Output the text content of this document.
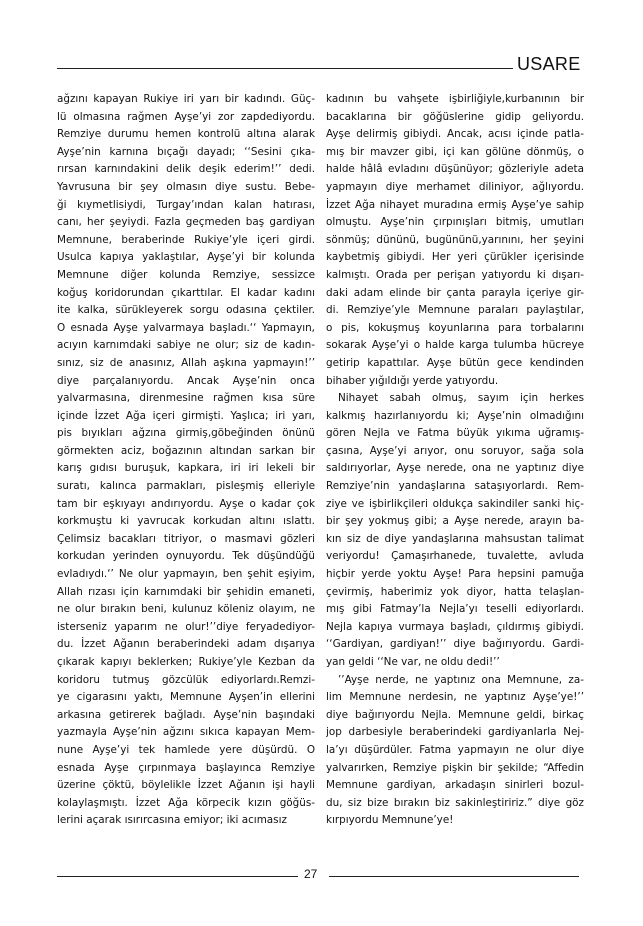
USARE
ağzını kapayan Rukiye iri yarı bir kadındı. Güç-
lü olmasına rağmen Ayşe’yi zor zapdediyordu.
Remziye durumu hemen kontrolü altına alarak
Ayşe’nin karnına bıçağı dayadı; ‘‘Sesini çıka-
rırsan karnındakini delik deşik ederim!’’ dedi.
Yavrusuna bir şey olmasın diye sustu. Bebe-
ği kıymetlisiydi, Turgay’ından kalan hatırası,
canı, her şeyiydi. Fazla geçmeden baş gardiyan
Memnune, beraberinde Rukiye’yle içeri girdi.
Usulca kapıya yaklaştılar, Ayşe’yi bir kolunda
Memnune diğer kolunda Remziye, sessizce
koğuş koridorundan çıkarttılar. El kadar kadını
ite kalka, sürükleyerek sorgu odasına çektiler.
O esnada Ayşe yalvarmaya başladı.‘‘ Yapmayın,
acıyın karnımdaki sabiye ne olur; siz de kadın-
sınız, siz de anasınız, Allah aşkına yapmayın!’’
diye parçalanıyordu. Ancak Ayşe’nin onca
yalvarmasına, direnmesine rağmen kısa süre
içinde İzzet Ağa içeri girmişti. Yaşlıca; iri yarı,
pis bıyıkları ağzına girmiş,göbeğinden önünü
görmekten aciz, boğazının altından sarkan bir
karış gıdısı buruşuk, kapkara, iri iri lekeli bir
suratı, kalınca parmakları, pisleşmiş elleriyle
tam bir eşkıyayı andırıyordu. Ayşe o kadar çok
korkmuştu ki yavrucak korkudan altını ıslattı.
Çelimsiz bacakları titriyor, o masmavi gözleri
korkudan yerinden oynuyordu. Tek düşündüğü
evladıydı.‘’ Ne olur yapmayın, ben şehit eşiyim,
Allah rızası için karnımdaki bir şehidin emaneti,
ne olur bırakın beni, kulunuz köleniz olayım, ne
isterseniz yaparım ne olur!’’diye feryadediyor-
du. İzzet Ağanın beraberindeki adam dışarıya
çıkarak kapıyı beklerken; Rukiye’yle Kezban da
koridoru tutmuş gözcülük ediyorlardı.Remzi-
ye cigarasını yaktı, Memnune Ayşen’in ellerini
arkasına getirerek bağladı. Ayşe’nin başındaki
yazmayla Ayşe’nin ağzını sıkıca kapayan Mem-
nune Ayşe’yi tek hamlede yere düşürdü. O
esnada Ayşe çırpınmaya başlayınca Remziye
üzerine çöktü, böylelikle İzzet Ağanın işi hayli
kolaylaşmıştı. İzzet Ağa körpecik kızın göğüs-
lerini açarak ısırırcasına emiyor; iki acımasız
kadının bu vahşete işbirliğiyle,kurbanının bir
bacaklarına bir göğüslerine gidip geliyordu.
Ayşe delirmiş gibiydi. Ancak, acısı içinde patla-
mış bir mavzer gibi, içi kan gölüne dönmüş, o
halde hâlâ evladını düşünüyor; gözleriyle adeta
yapmayın diye merhamet diliniyor, ağlıyordu.
İzzet Ağa nihayet muradına ermiş Ayşe’ye sahip
olmuştu. Ayşe’nin çırpınışları bitmiş, umutları
sönmüş; dününü, bugününü,yarınını, her şeyini
kaybetmiş gibiydi. Her yeri çürükler içerisinde
kalmıştı. Orada per perişan yatıyordu ki dışarı-
daki adam elinde bir çanta parayla içeriye gir-
di. Remziye’yle Memnune paraları paylaştılar,
o pis, kokuşmuş koyunlarına para torbalarını
sokarak Ayşe’yi o halde karga tulumba hücreye
getirip kapattılar. Ayşe bütün gece kendinden
bihaber yığıldığı yerde yatıyordu.
Nihayet sabah olmuş, sayım için herkes
kalkmış hazırlanıyordu ki; Ayşe’nin olmadığını
gören Nejla ve Fatma büyük yıkıma uğramış-
çasına, Ayşe’yi arıyor, onu soruyor, sağa sola
saldırıyorlar, Ayşe nerede, ona ne yaptınız diye
Remziye’nin yandaşlarına sataşıyorlardı. Rem-
ziye ve işbirlikçileri oldukça sakindiler sanki hiç-
bir şey yokmuş gibi; a Ayşe nerede, arayın ba-
kın siz de diye yandaşlarına mahsustan talimat
veriyordu! Çamaşırhanede, tuvalette, avluda
hiçbir yerde yoktu Ayşe! Para hepsini pamuğa
çevirmiş, haberimiz yok diyor, hatta telaşlan-
mış gibi Fatmay’la Nejla’yı teselli ediyorlardı.
Nejla kapıya vurmaya başladı, çıldırmış gibiydi.
‘‘Gardiyan, gardiyan!’’ diye bağırıyordu. Gardi-
yan geldi ‘‘Ne var, ne oldu dedi!’’
’’Ayşe nerde, ne yaptınız ona Memnune, za-
lim Memnune nerdesin, ne yaptınız Ayşe’ye!’’
diye bağırıyordu Nejla. Memnune geldi, birkaç
jop darbesiyle beraberindeki gardiyanlarla Nej-
la’yı düşürdüler. Fatma yapmayın ne olur diye
yalvarırken, Remziye pişkin bir şekilde; “Affedin
Memnune gardiyan, arkadaşın sinirleri bozul-
du, siz bize bırakın biz sakinleştiririz.” diye göz
kırpıyordu Memnune’ye!
27
